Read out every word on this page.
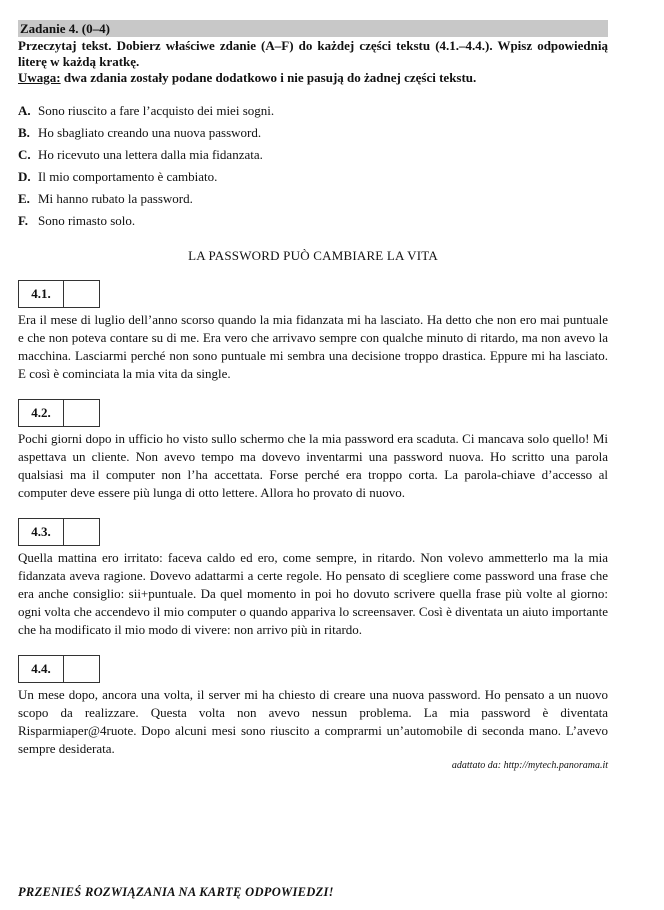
Zadanie 4. (0–4)
Przeczytaj tekst. Dobierz właściwe zdanie (A–F) do każdej części tekstu (4.1.–4.4.). Wpisz odpowiednią literę w każdą kratkę.
Uwaga: dwa zdania zostały podane dodatkowo i nie pasują do żadnej części tekstu.
A. Sono riuscito a fare l’acquisto dei miei sogni.
B. Ho sbagliato creando una nuova password.
C. Ho ricevuto una lettera dalla mia fidanzata.
D. Il mio comportamento è cambiato.
E. Mi hanno rubato la password.
F. Sono rimasto solo.
LA PASSWORD PUÒ CAMBIARE LA VITA
4.1.
Era il mese di luglio dell’anno scorso quando la mia fidanzata mi ha lasciato. Ha detto che non ero mai puntuale e che non poteva contare su di me. Era vero che arrivavo sempre con qualche minuto di ritardo, ma non avevo la macchina. Lasciarmi perché non sono puntuale mi sembra una decisione troppo drastica. Eppure mi ha lasciato. E così è cominciata la mia vita da single.
4.2.
Pochi giorni dopo in ufficio ho visto sullo schermo che la mia password era scaduta. Ci mancava solo quello! Mi aspettava un cliente. Non avevo tempo ma dovevo inventarmi una password nuova. Ho scritto una parola qualsiasi ma il computer non l’ha accettata. Forse perché era troppo corta. La parola-chiave d’accesso al computer deve essere più lunga di otto lettere. Allora ho provato di nuovo.
4.3.
Quella mattina ero irritato: faceva caldo ed ero, come sempre, in ritardo. Non volevo ammetterlo ma la mia fidanzata aveva ragione. Dovevo adattarmi a certe regole. Ho pensato di scegliere come password una frase che era anche consiglio: sii+puntuale. Da quel momento in poi ho dovuto scrivere quella frase più volte al giorno: ogni volta che accendevo il mio computer o quando appariva lo screensaver. Così è diventata un aiuto importante che ha modificato il mio modo di vivere: non arrivo più in ritardo.
4.4.
Un mese dopo, ancora una volta, il server mi ha chiesto di creare una nuova password. Ho pensato a un nuovo scopo da realizzare. Questa volta non avevo nessun problema. La mia password è diventata Risparmiaper@4ruote. Dopo alcuni mesi sono riuscito a comprarmi un’automobile di seconda mano. L’avevo sempre desiderata.
adattato da: http://mytech.panorama.it
PRZENIEŚ ROZWIĄZANIA NA KARTĘ ODPOWIEDZI!
